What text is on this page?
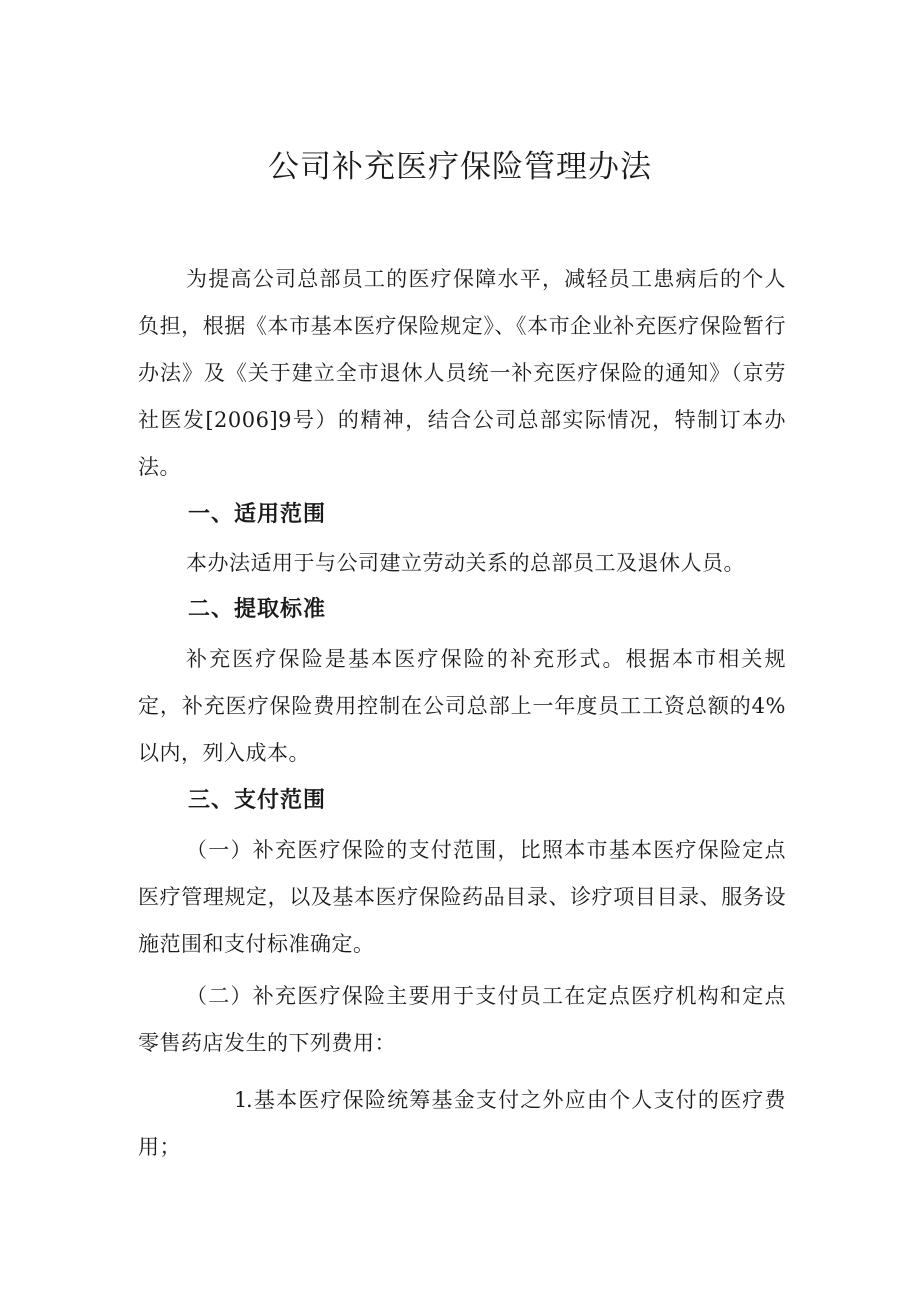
公司补充医疗保险管理办法

为提高公司总部员工的医疗保障水平，减轻员工患病后的个人负担，根据《本市基本医疗保险规定》、《本市企业补充医疗保险暂行办法》及《关于建立全市退休人员统一补充医疗保险的通知》（京劳社医发[2006]9号）的精神，结合公司总部实际情况，特制订本办法。

一、适用范围

本办法适用于与公司建立劳动关系的总部员工及退休人员。

二、提取标准

补充医疗保险是基本医疗保险的补充形式。根据本市相关规定，补充医疗保险费用控制在公司总部上一年度员工工资总额的4%以内，列入成本。

三、支付范围

（一）补充医疗保险的支付范围，比照本市基本医疗保险定点医疗管理规定，以及基本医疗保险药品目录、诊疗项目目录、服务设施范围和支付标准确定。

（二）补充医疗保险主要用于支付员工在定点医疗机构和定点零售药店发生的下列费用：

1.基本医疗保险统筹基金支付之外应由个人支付的医疗费用；
